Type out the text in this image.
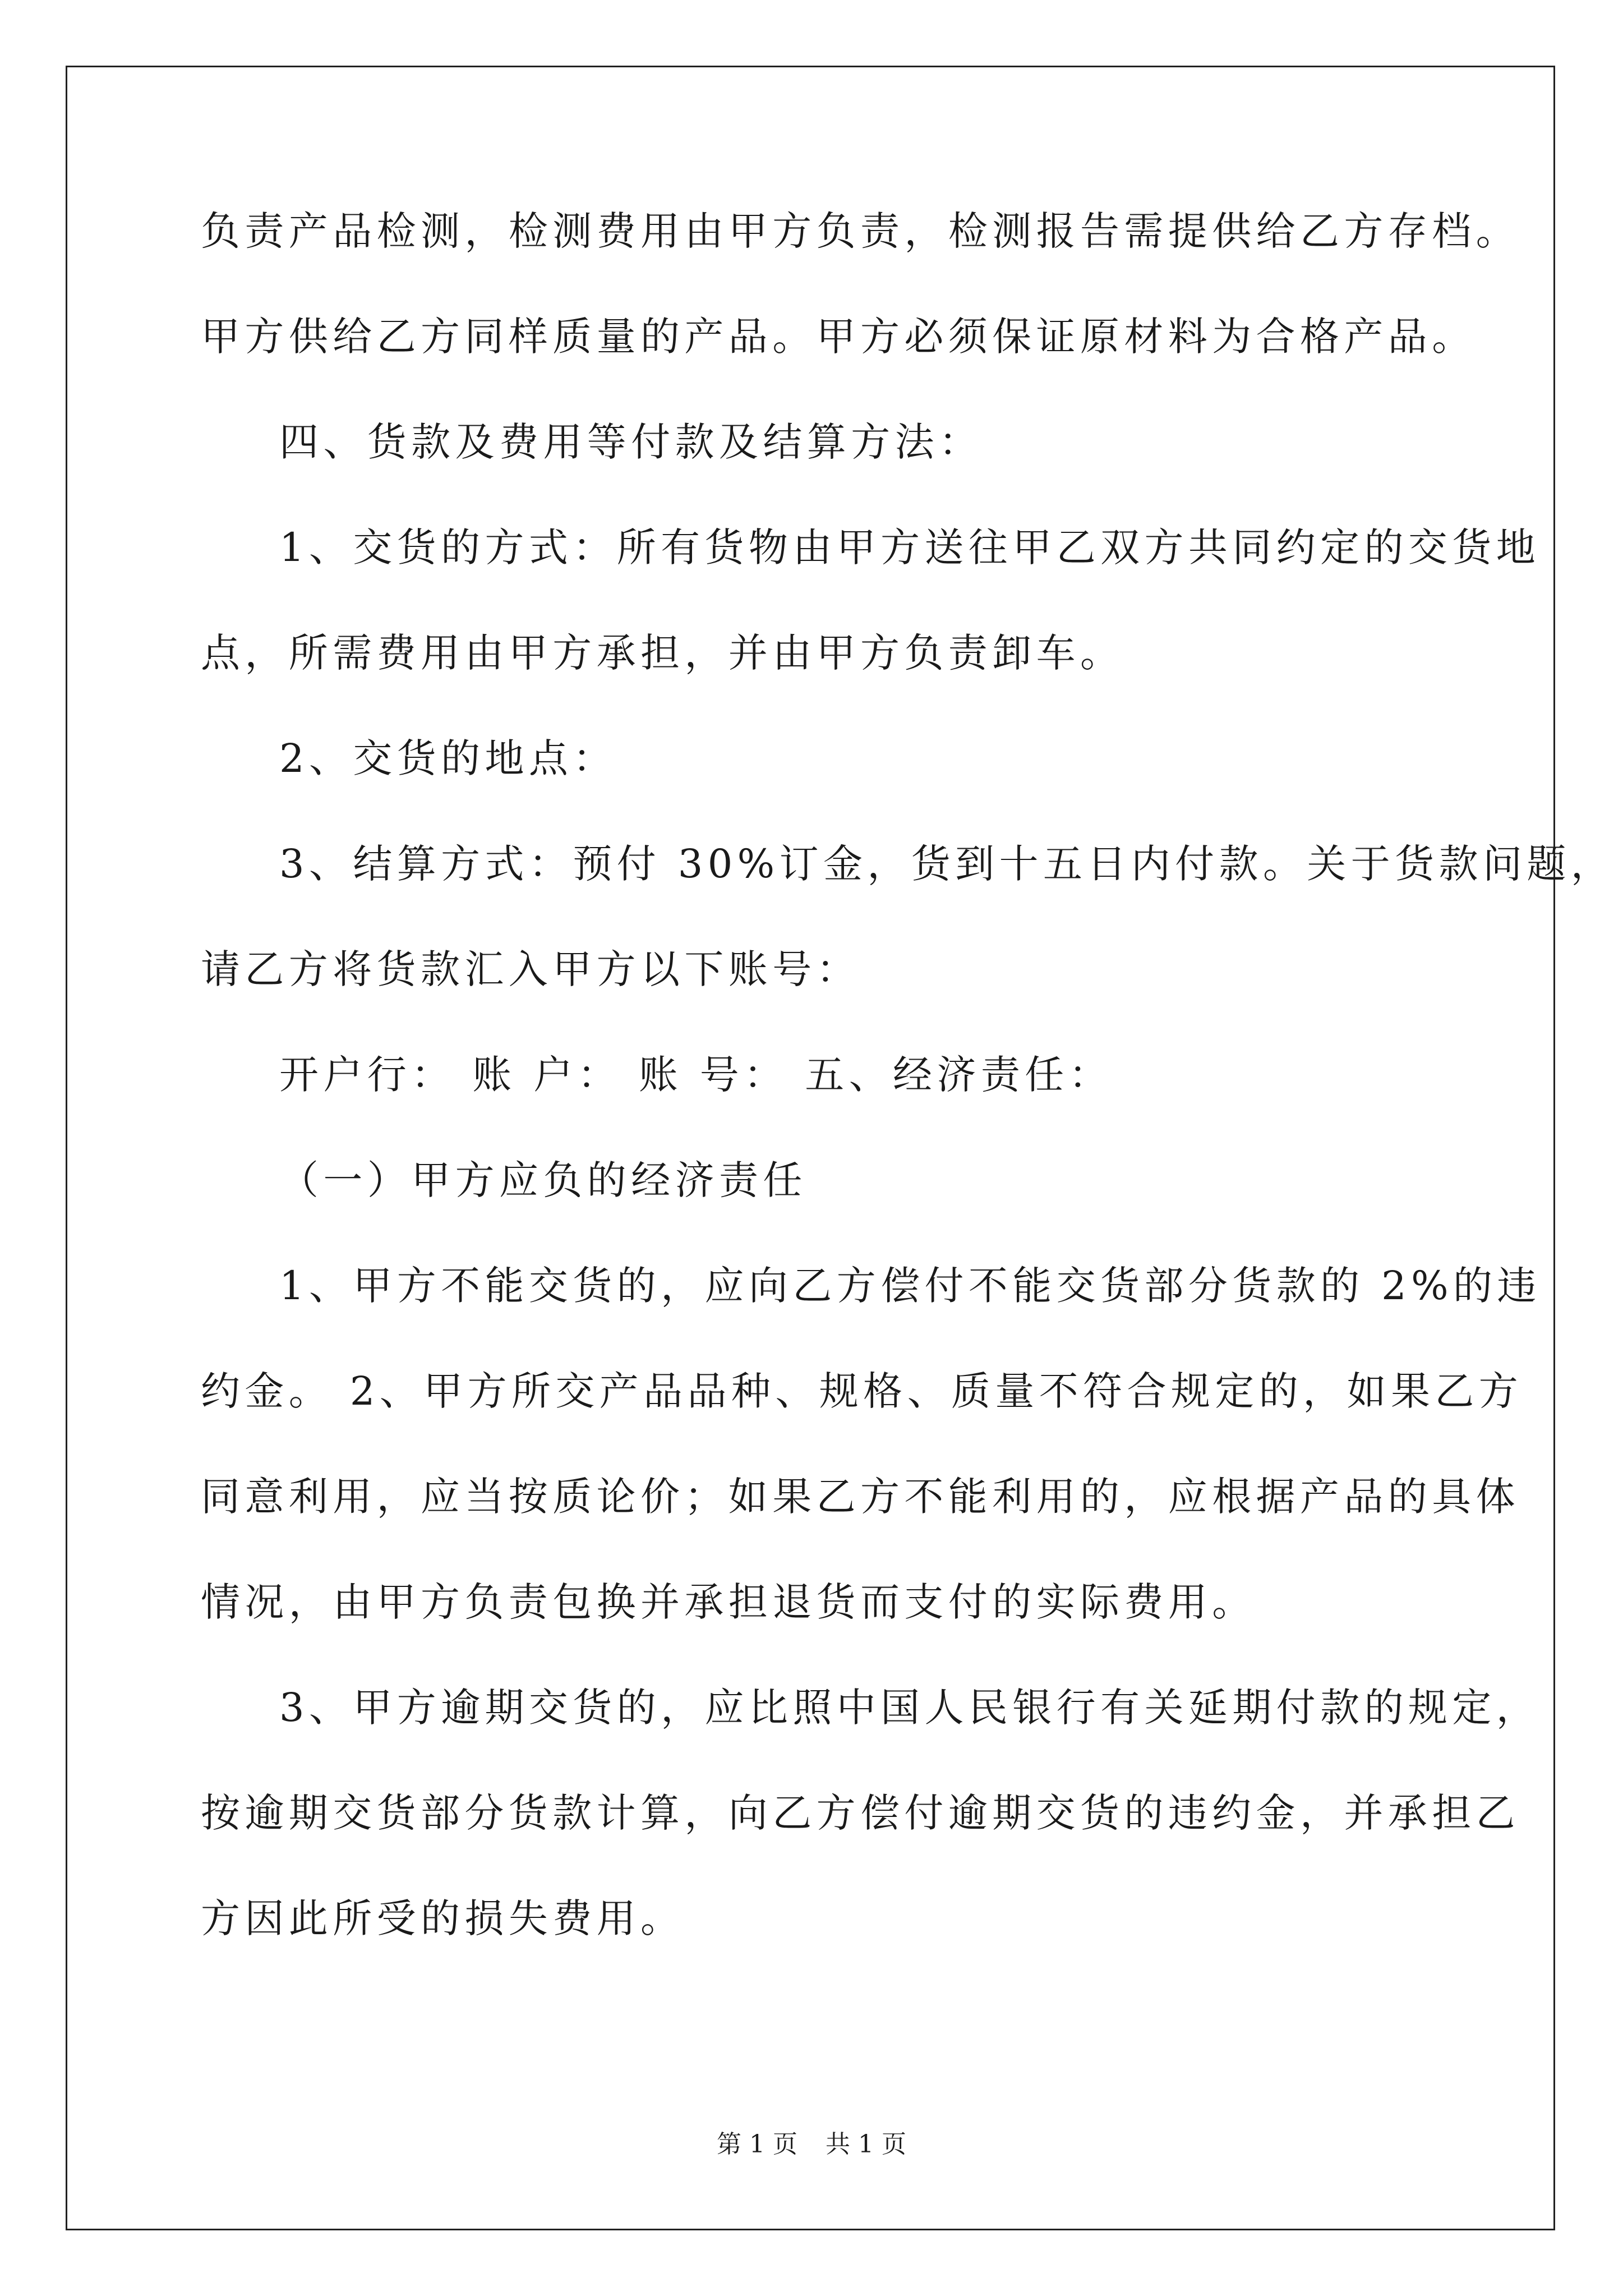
负责产品检测，检测费用由甲方负责，检测报告需提供给乙方存档。
甲方供给乙方同样质量的产品。甲方必须保证原材料为合格产品。
四、货款及费用等付款及结算方法：
1、交货的方式：所有货物由甲方送往甲乙双方共同约定的交货地
点，所需费用由甲方承担，并由甲方负责卸车。
2、交货的地点：
3、结算方式：预付 30%订金，货到十五日内付款。关于货款问题，
请乙方将货款汇入甲方以下账号：
开户行： 账 户： 账 号： 五、经济责任：
（一）甲方应负的经济责任
1、甲方不能交货的，应向乙方偿付不能交货部分货款的 2%的违
约金。 2、甲方所交产品品种、规格、质量不符合规定的，如果乙方
同意利用，应当按质论价；如果乙方不能利用的，应根据产品的具体
情况，由甲方负责包换并承担退货而支付的实际费用。
3、甲方逾期交货的，应比照中国人民银行有关延期付款的规定，
按逾期交货部分货款计算，向乙方偿付逾期交货的违约金，并承担乙
方因此所受的损失费用。
第 1 页 共 1 页
